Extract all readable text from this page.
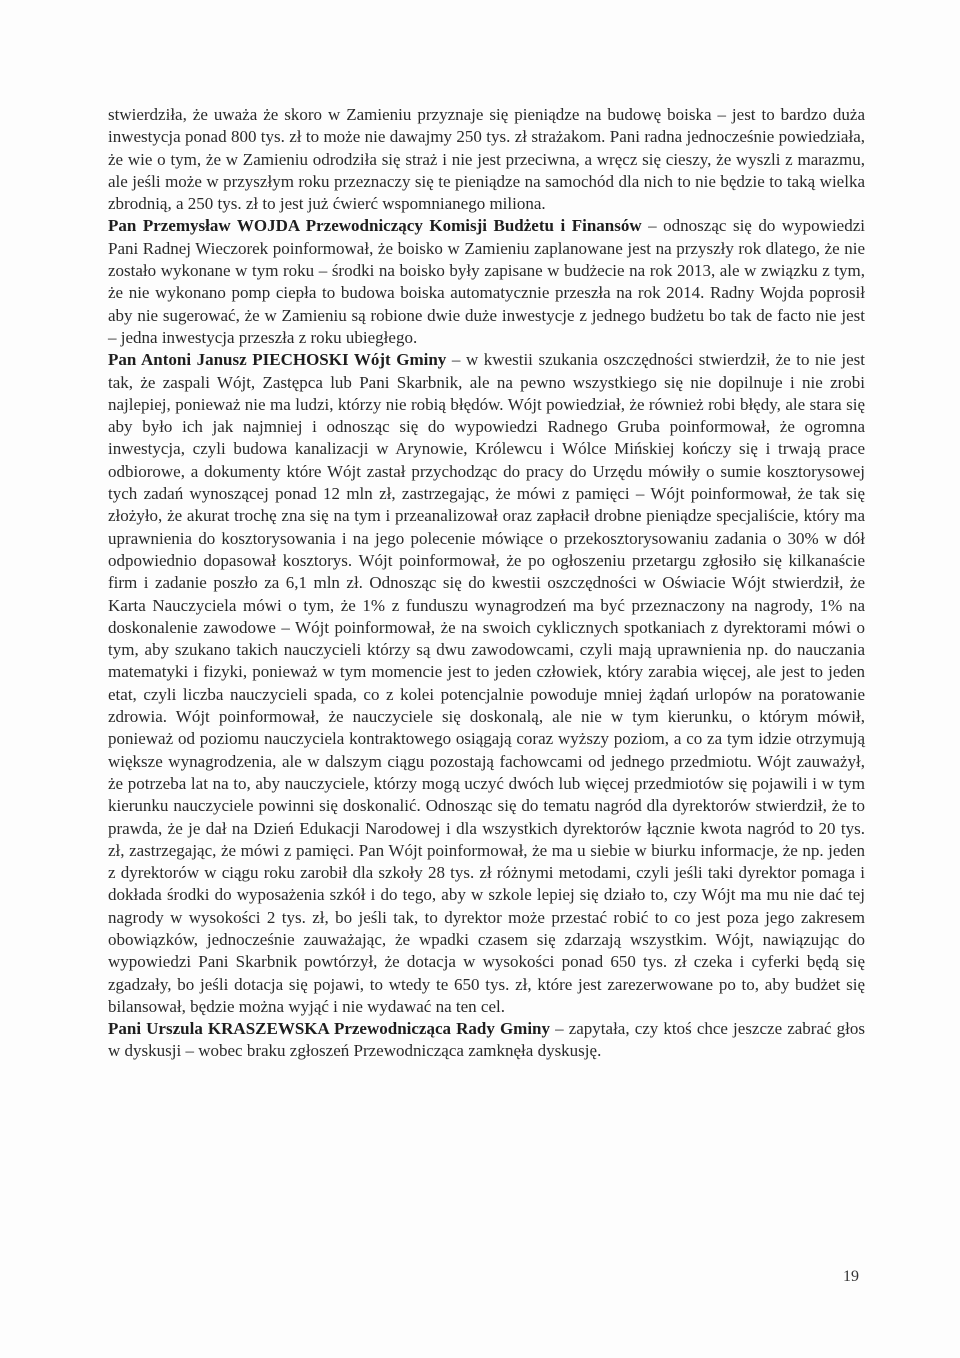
stwierdziła, że uważa że skoro w Zamieniu przyznaje się pieniądze na budowę boiska – jest to bardzo duża inwestycja ponad 800 tys. zł to może nie dawajmy 250 tys. zł strażakom. Pani radna jednocześnie powiedziała, że wie o tym, że w Zamieniu odrodziła się straż i nie jest przeciwna, a wręcz się cieszy, że wyszli z marazmu, ale jeśli może w przyszłym roku przeznaczy się te pieniądze na samochód dla nich to nie będzie to taką wielka zbrodnią, a 250 tys. zł to jest już ćwierć wspomnianego miliona.

Pan Przemysław WOJDA Przewodniczący Komisji Budżetu i Finansów – odnosząc się do wypowiedzi Pani Radnej Wieczorek poinformował, że boisko w Zamieniu zaplanowane jest na przyszły rok dlatego, że nie zostało wykonane w tym roku – środki na boisko były zapisane w budżecie na rok 2013, ale w związku z tym, że nie wykonano pomp ciepła to budowa boiska automatycznie przeszła na rok 2014. Radny Wojda poprosił aby nie sugerować, że w Zamieniu są robione dwie duże inwestycje z jednego budżetu bo tak de facto nie jest – jedna inwestycja przeszła z roku ubiegłego.

Pan Antoni Janusz PIECHOSKI Wójt Gminy – w kwestii szukania oszczędności stwierdził, że to nie jest tak, że zaspali Wójt, Zastępca lub Pani Skarbnik, ale na pewno wszystkiego się nie dopilnuje i nie zrobi najlepiej, ponieważ nie ma ludzi, którzy nie robią błędów. Wójt powiedział, że również robi błędy, ale stara się aby było ich jak najmniej i odnosząc się do wypowiedzi Radnego Gruba poinformował, że ogromna inwestycja, czyli budowa kanalizacji w Arynowie, Królewcu i Wólce Mińskiej kończy się i trwają prace odbiorowe, a dokumenty które Wójt zastał przychodząc do pracy do Urzędu mówiły o sumie kosztorysowej tych zadań wynoszącej ponad 12 mln zł, zastrzegając, że mówi z pamięci – Wójt poinformował, że tak się złożyło, że akurat trochę zna się na tym i przeanalizował oraz zapłacił drobne pieniądze specjaliście, który ma uprawnienia do kosztorysowania i na jego polecenie mówiące o przekosztorysowaniu zadania o 30% w dół odpowiednio dopasował kosztorys. Wójt poinformował, że po ogłoszeniu przetargu zgłosiło się kilkanaście firm i zadanie poszło za 6,1 mln zł. Odnosząc się do kwestii oszczędności w Oświacie Wójt stwierdził, że Karta Nauczyciela mówi o tym, że 1% z funduszu wynagrodzeń ma być przeznaczony na nagrody, 1% na doskonalenie zawodowe – Wójt poinformował, że na swoich cyklicznych spotkaniach z dyrektorami mówi o tym, aby szukano takich nauczycieli którzy są dwu zawodowcami, czyli mają uprawnienia np. do nauczania matematyki i fizyki, ponieważ w tym momencie jest to jeden człowiek, który zarabia więcej, ale jest to jeden etat, czyli liczba nauczycieli spada, co z kolei potencjalnie powoduje mniej żądań urlopów na poratowanie zdrowia. Wójt poinformował, że nauczyciele się doskonalą, ale nie w tym kierunku, o którym mówił, ponieważ od poziomu nauczyciela kontraktowego osiągają coraz wyższy poziom, a co za tym idzie otrzymują większe wynagrodzenia, ale w dalszym ciągu pozostają fachowcami od jednego przedmiotu. Wójt zauważył, że potrzeba lat na to, aby nauczyciele, którzy mogą uczyć dwóch lub więcej przedmiotów się pojawili i w tym kierunku nauczyciele powinni się doskonalić. Odnosząc się do tematu nagród dla dyrektorów stwierdził, że to prawda, że je dał na Dzień Edukacji Narodowej i dla wszystkich dyrektorów łącznie kwota nagród to 20 tys. zł, zastrzegając, że mówi z pamięci. Pan Wójt poinformował, że ma u siebie w biurku informacje, że np. jeden z dyrektorów w ciągu roku zarobił dla szkoły 28 tys. zł różnymi metodami, czyli jeśli taki dyrektor pomaga i dokłada środki do wyposażenia szkół i do tego, aby w szkole lepiej się działo to, czy Wójt ma mu nie dać tej nagrody w wysokości 2 tys. zł, bo jeśli tak, to dyrektor może przestać robić to co jest poza jego zakresem obowiązków, jednocześnie zauważając, że wpadki czasem się zdarzają wszystkim. Wójt, nawiązując do wypowiedzi Pani Skarbnik powtórzył, że dotacja w wysokości ponad 650 tys. zł czeka i cyferki będą się zgadzały, bo jeśli dotacja się pojawi, to wtedy te 650 tys. zł, które jest zarezerwowane po to, aby budżet się bilansował, będzie można wyjąć i nie wydawać na ten cel.

Pani Urszula KRASZEWSKA Przewodnicząca Rady Gminy – zapytała, czy ktoś chce jeszcze zabrać głos w dyskusji – wobec braku zgłoszeń Przewodnicząca zamknęła dyskusję.

19
